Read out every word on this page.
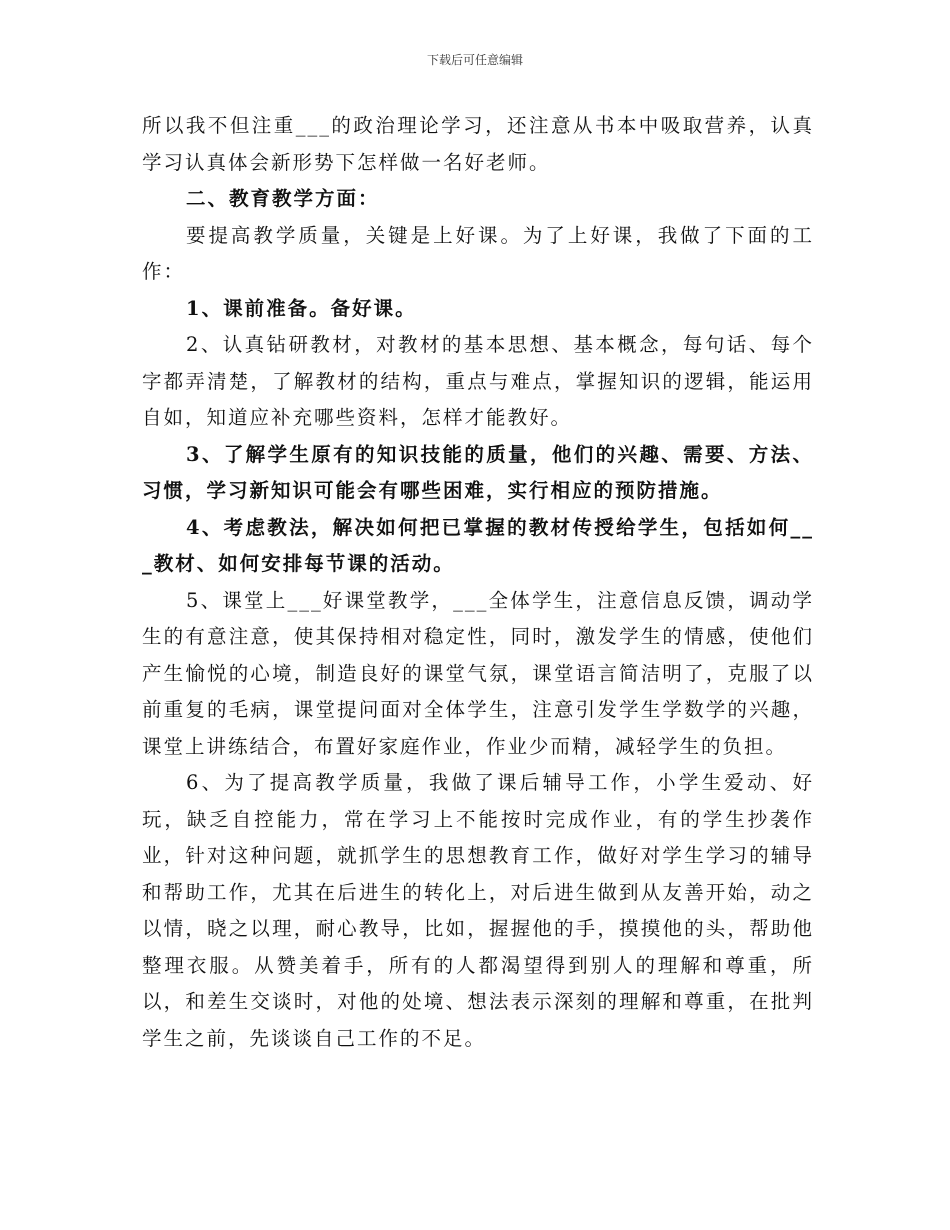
下载后可任意编辑

所以我不但注重___的政治理论学习，还注意从书本中吸取营养，认真学习认真体会新形势下怎样做一名好老师。

二、教育教学方面：

要提高教学质量，关键是上好课。为了上好课，我做了下面的工作：

1、课前准备。备好课。

2、认真钻研教材，对教材的基本思想、基本概念，每句话、每个字都弄清楚，了解教材的结构，重点与难点，掌握知识的逻辑，能运用自如，知道应补充哪些资料，怎样才能教好。

3、了解学生原有的知识技能的质量，他们的兴趣、需要、方法、习惯，学习新知识可能会有哪些困难，实行相应的预防措施。

4、考虑教法，解决如何把已掌握的教材传授给学生，包括如何___教材、如何安排每节课的活动。

5、课堂上___好课堂教学，___全体学生，注意信息反馈，调动学生的有意注意，使其保持相对稳定性，同时，激发学生的情感，使他们产生愉悦的心境，制造良好的课堂气氛，课堂语言简洁明了，克服了以前重复的毛病，课堂提问面对全体学生，注意引发学生学数学的兴趣，课堂上讲练结合，布置好家庭作业，作业少而精，减轻学生的负担。

6、为了提高教学质量，我做了课后辅导工作，小学生爱动、好玩，缺乏自控能力，常在学习上不能按时完成作业，有的学生抄袭作业，针对这种问题，就抓学生的思想教育工作，做好对学生学习的辅导和帮助工作，尤其在后进生的转化上，对后进生做到从友善开始，动之以情，晓之以理，耐心教导，比如，握握他的手，摸摸他的头，帮助他整理衣服。从赞美着手，所有的人都渴望得到别人的理解和尊重，所以，和差生交谈时，对他的处境、想法表示深刻的理解和尊重，在批判学生之前，先谈谈自己工作的不足。
